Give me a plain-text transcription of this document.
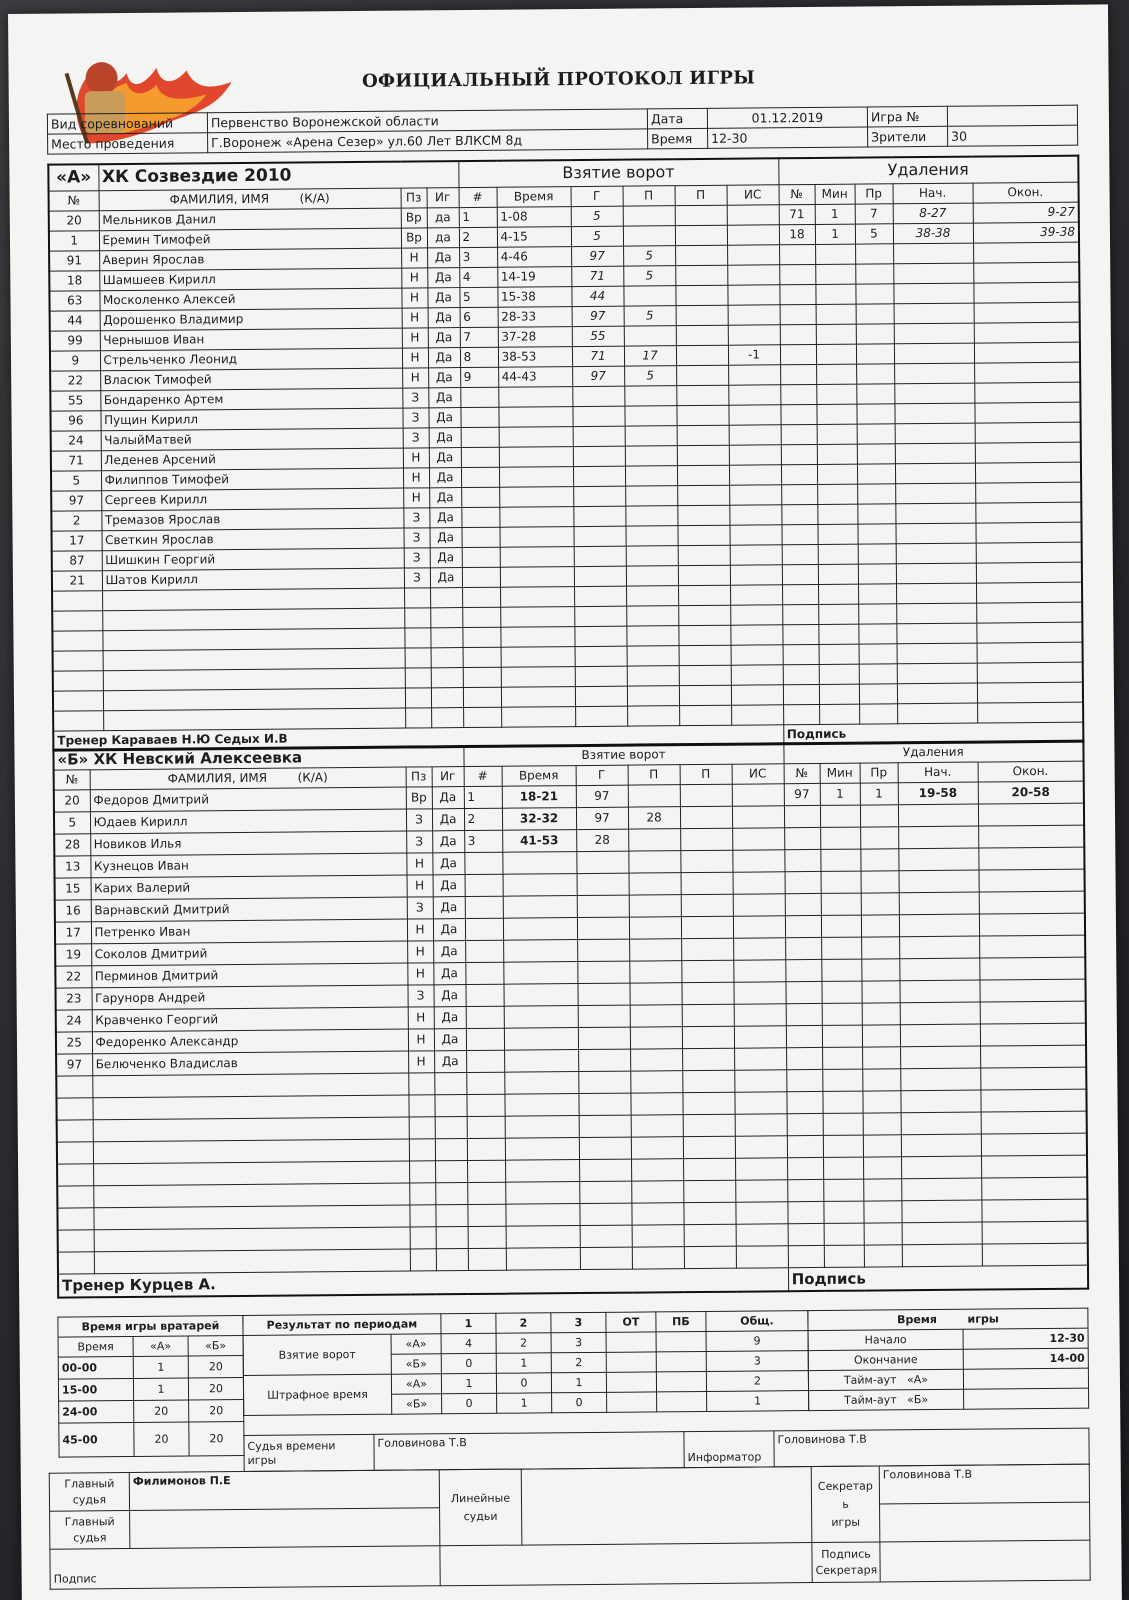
ОФИЦИАЛЬНЫЙ ПРОТОКОЛ ИГРЫ
Вид соревнований	Первенство Воронежской области	Дата	01.12.2019	Игра №	
Место проведения	Г.Воронеж «Арена Сезер» ул.60 Лет ВЛКСМ 8д	Время	12-30	Зрители	30
«А»	ХК Созвездие 2010			Взятие ворот						Удаления				
№	ФАМИЛИЯ, ИМЯ (К/А)	Пз	Иг	#	Время	Г	П	П	ИС	№	Мин	Пр	Нач.	Окон.
20	Мельников Данил	Вр	да	1	1-08	5				71	1	7	8-27	9-27
1	Еремин Тимофей	Вр	да	2	4-15	5				18	1	5	38-38	39-38
91	Аверин Ярослав	Н	Да	3	4-46	97	5							
18	Шамшеев Кирилл	Н	Да	4	14-19	71	5							
63	Москоленко Алексей	Н	Да	5	15-38	44								
44	Дорошенко Владимир	Н	Да	6	28-33	97	5							
99	Чернышов Иван	Н	Да	7	37-28	55								
9	Стрельченко Леонид	Н	Да	8	38-53	71	17		-1					
22	Власюк Тимофей	Н	Да	9	44-43	97	5							
55	Бондаренко Артем	З	Да											
96	Пущин Кирилл	З	Да											
24	ЧалыйМатвей	З	Да											
71	Леденев Арсений	Н	Да											
5	Филиппов Тимофей	Н	Да											
97	Сергеев Кирилл	Н	Да											
2	Тремазов Ярослав	З	Да											
17	Светкин Ярослав	З	Да											
87	Шишкин Георгий	З	Да											
21	Шатов Кирилл	З	Да											

Тренер Караваев Н.Ю Седых И.В										Подпись				
«Б» ХК Невский Алексеевка				Взятие ворот						Удаления				
№	ФАМИЛИЯ, ИМЯ (К/А)	Пз	Иг	#	Время	Г	П	П	ИС	№	Мин	Пр	Нач.	Окон.
20	Федоров Дмитрий	Вр	Да	1	18-21	97				97	1	1	19-58	20-58
5	Юдаев Кирилл	З	Да	2	32-32	97	28							
28	Новиков Илья	З	Да	3	41-53	28								
13	Кузнецов Иван	Н	Да											
15	Карих Валерий	Н	Да											
16	Варнавский Дмитрий	З	Да											
17	Петренко Иван	Н	Да											
19	Соколов Дмитрий	Н	Да											
22	Перминов Дмитрий	Н	Да											
23	Гарунорв Андрей	З	Да											
24	Кравченко Георгий	Н	Да											
25	Федоренко Александр	Н	Да											
97	Белюченко Владислав	Н	Да											

Тренер Курцев А.										Подпись				
Время игры вратарей		
Время	«А»	«Б»
00-00	1	20
15-00	1	20
24-00	20	20
45-00	20	20
Результат по периодам		1	2	3	ОТ	ПБ	Общ.
Взятие ворот	«А»	4	2	3			9
	«Б»	0	1	2			3
Штрафное время	«А»	1	0	1			2
	«Б»	0	1	0			1
Время игры	
Начало	12-30
Окончание	14-00
Тайм-аут «А»	
Тайм-аут «Б»	
Судья времени
игры	Головинова Т.В	Информатор	Головинова Т.В
Главный
судья	Филимонов П.Е	Линейные
судьи		Секретар
ь
игры	Головинова Т.В
Главный
судья					
Подпис				Подпись
Секретаря	
